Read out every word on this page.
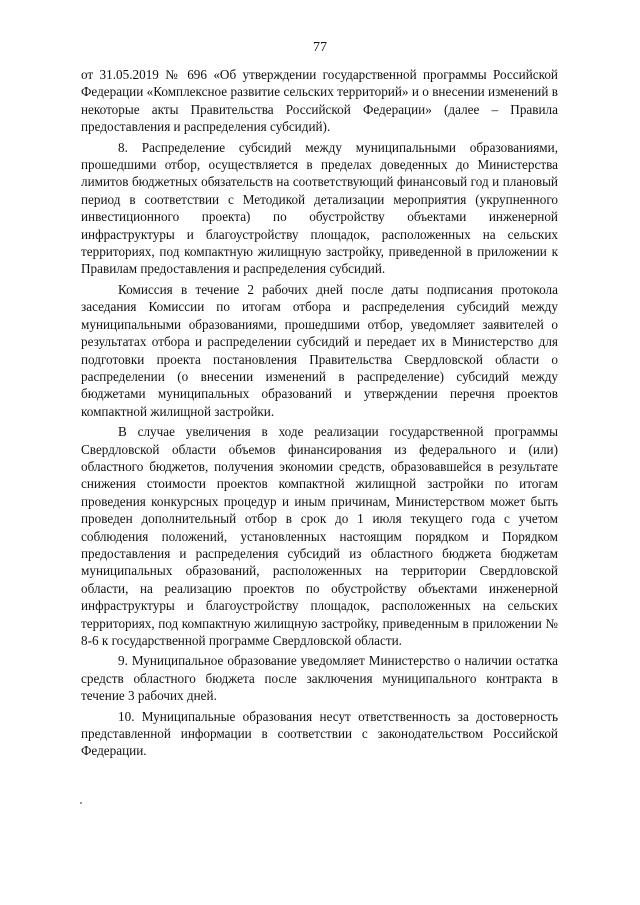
77

от 31.05.2019 № 696 «Об утверждении государственной программы Российской Федерации «Комплексное развитие сельских территорий» и о внесении изменений в некоторые акты Правительства Российской Федерации» (далее – Правила предоставления и распределения субсидий).

8. Распределение субсидий между муниципальными образованиями, прошедшими отбор, осуществляется в пределах доведенных до Министерства лимитов бюджетных обязательств на соответствующий финансовый год и плановый период в соответствии с Методикой детализации мероприятия (укрупненного инвестиционного проекта) по обустройству объектами инженерной инфраструктуры и благоустройству площадок, расположенных на сельских территориях, под компактную жилищную застройку, приведенной в приложении к Правилам предоставления и распределения субсидий.

Комиссия в течение 2 рабочих дней после даты подписания протокола заседания Комиссии по итогам отбора и распределения субсидий между муниципальными образованиями, прошедшими отбор, уведомляет заявителей о результатах отбора и распределении субсидий и передает их в Министерство для подготовки проекта постановления Правительства Свердловской области о распределении (о внесении изменений в распределение) субсидий между бюджетами муниципальных образований и утверждении перечня проектов компактной жилищной застройки.

В случае увеличения в ходе реализации государственной программы Свердловской области объемов финансирования из федерального и (или) областного бюджетов, получения экономии средств, образовавшейся в результате снижения стоимости проектов компактной жилищной застройки по итогам проведения конкурсных процедур и иным причинам, Министерством может быть проведен дополнительный отбор в срок до 1 июля текущего года с учетом соблюдения положений, установленных настоящим порядком и Порядком предоставления и распределения субсидий из областного бюджета бюджетам муниципальных образований, расположенных на территории Свердловской области, на реализацию проектов по обустройству объектами инженерной инфраструктуры и благоустройству площадок, расположенных на сельских территориях, под компактную жилищную застройку, приведенным в приложении № 8-6 к государственной программе Свердловской области.

9. Муниципальное образование уведомляет Министерство о наличии остатка средств областного бюджета после заключения муниципального контракта в течение 3 рабочих дней.

10. Муниципальные образования несут ответственность за достоверность представленной информации в соответствии с законодательством Российской Федерации.
